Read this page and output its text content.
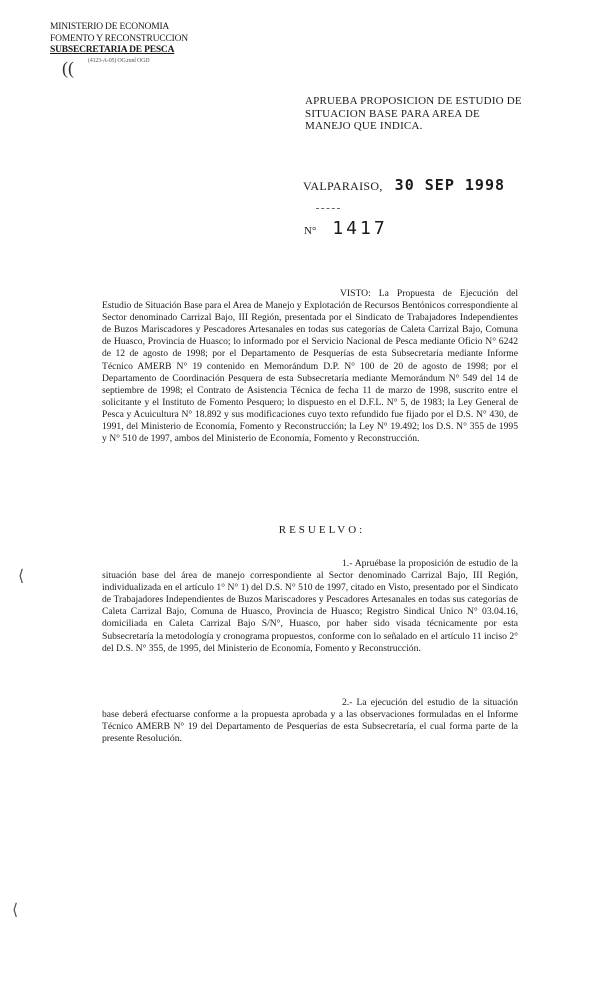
MINISTERIO DE ECONOMIA
FOMENTO Y RECONSTRUCCION
SUBSECRETARIA DE PESCA
(4123-A-05) OG.mnl OGD
((
APRUEBA PROPOSICION DE ESTUDIO DE SITUACION BASE PARA AREA DE MANEJO QUE INDICA.
VALPARAISO, 30 SEP 1998
N° 1417
VISTO: La Propuesta de Ejecución del Estudio de Situación Base para el Area de Manejo y Explotación de Recursos Bentónicos correspondiente al Sector denominado Carrizal Bajo, III Región, presentada por el Sindicato de Trabajadores Independientes de Buzos Mariscadores y Pescadores Artesanales en todas sus categorías de Caleta Carrizal Bajo, Comuna de Huasco, Provincia de Huasco; lo informado por el Servicio Nacional de Pesca mediante Oficio N° 6242 de 12 de agosto de 1998; por el Departamento de Pesquerías de esta Subsecretaría mediante Informe Técnico AMERB N° 19 contenido en Memorándum D.P. N° 100 de 20 de agosto de 1998; por el Departamento de Coordinación Pesquera de esta Subsecretaría mediante Memorándum N° 549 del 14 de septiembre de 1998; el Contrato de Asistencia Técnica de fecha 11 de marzo de 1998, suscrito entre el solicitante y el Instituto de Fomento Pesquero; lo dispuesto en el D.F.L. N° 5, de 1983; la Ley General de Pesca y Acuicultura N° 18.892 y sus modificaciones cuyo texto refundido fue fijado por el D.S. N° 430, de 1991, del Ministerio de Economía, Fomento y Reconstrucción; la Ley N° 19.492; los D.S. N° 355 de 1995 y N° 510 de 1997, ambos del Ministerio de Economía, Fomento y Reconstrucción.
RESUELVO:
1.- Apruébase la proposición de estudio de la situación base del área de manejo correspondiente al Sector denominado Carrizal Bajo, III Región, individualizada en el artículo 1° N° 1) del D.S. N° 510 de 1997, citado en Visto, presentado por el Sindicato de Trabajadores Independientes de Buzos Mariscadores y Pescadores Artesanales en todas sus categorías de Caleta Carrizal Bajo, Comuna de Huasco, Provincia de Huasco; Registro Sindical Unico N° 03.04.16, domiciliada en Caleta Carrizal Bajo S/N°, Huasco, por haber sido visada técnicamente por esta Subsecretaría la metodología y cronograma propuestos, conforme con lo señalado en el artículo 11 inciso 2° del D.S. N° 355, de 1995, del Ministerio de Economía, Fomento y Reconstrucción.
2.- La ejecución del estudio de la situación base deberá efectuarse conforme a la propuesta aprobada y a las observaciones formuladas en el Informe Técnico AMERB N° 19 del Departamento de Pesquerías de esta Subsecretaría, el cual forma parte de la presente Resolución.
⟨
⟨
